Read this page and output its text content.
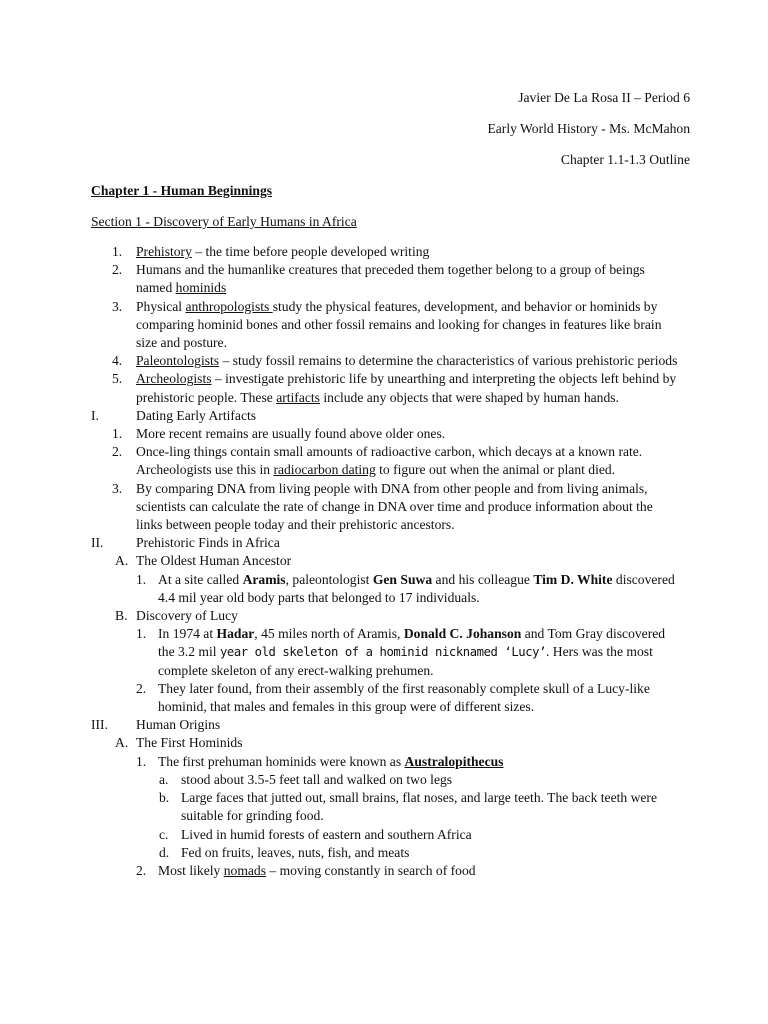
Javier De La Rosa II – Period 6
Early World History - Ms. McMahon
Chapter 1.1-1.3 Outline
Chapter 1 - Human Beginnings
Section 1 - Discovery of Early Humans in Africa
1. Prehistory – the time before people developed writing
2. Humans and the humanlike creatures that preceded them together belong to a group of beings named hominids
3. Physical anthropologists study the physical features, development, and behavior or hominids by comparing hominid bones and other fossil remains and looking for changes in features like brain size and posture.
4. Paleontologists – study fossil remains to determine the characteristics of various prehistoric periods
5. Archeologists – investigate prehistoric life by unearthing and interpreting the objects left behind by prehistoric people. These artifacts include any objects that were shaped by human hands.
I.	Dating Early Artifacts
1. More recent remains are usually found above older ones.
2. Once-ling things contain small amounts of radioactive carbon, which decays at a known rate. Archeologists use this in radiocarbon dating to figure out when the animal or plant died.
3. By comparing DNA from living people with DNA from other people and from living animals, scientists can calculate the rate of change in DNA over time and produce information about the links between people today and their prehistoric ancestors.
II. Prehistoric Finds in Africa
A. The Oldest Human Ancestor
1. At a site called Aramis, paleontologist Gen Suwa and his colleague Tim D. White discovered 4.4 mil year old body parts that belonged to 17 individuals.
B. Discovery of Lucy
1. In 1974 at Hadar, 45 miles north of Aramis, Donald C. Johanson and Tom Gray discovered the 3.2 mil year old skeleton of a hominid nicknamed ‘Lucy’. Hers was the most complete skeleton of any erect-walking prehumen.
2. They later found, from their assembly of the first reasonably complete skull of a Lucy-like hominid, that males and females in this group were of different sizes.
III. Human Origins
A. The First Hominids
1. The first prehuman hominids were known as Australopithecus
a. stood about 3.5-5 feet tall and walked on two legs
b. Large faces that jutted out, small brains, flat noses, and large teeth. The back teeth were suitable for grinding food.
c. Lived in humid forests of eastern and southern Africa
d. Fed on fruits, leaves, nuts, fish, and meats
2. Most likely nomads – moving constantly in search of food
